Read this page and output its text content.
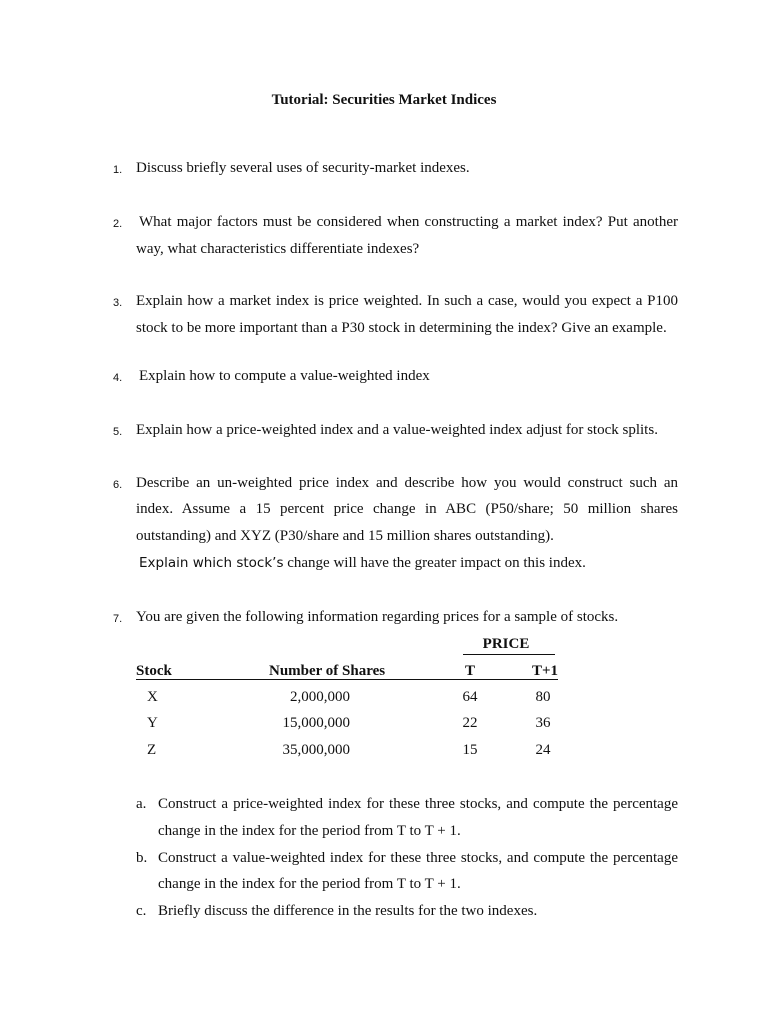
Tutorial: Securities Market Indices
1. Discuss briefly several uses of security-market indexes.
2. What major factors must be considered when constructing a market index? Put another
way, what characteristics differentiate indexes?
3. Explain how a market index is price weighted. In such a case, would you expect a P100
stock to be more important than a P30 stock in determining the index? Give an example.
4. Explain how to compute a value-weighted index
5. Explain how a price-weighted index and a value-weighted index adjust for stock splits.
6. Describe an un-weighted price index and describe how you would construct such an
index. Assume a 15 percent price change in ABC (P50/share; 50 million shares
outstanding) and XYZ (P30/share and 15 million shares outstanding).
Explain which stock’s change will have the greater impact on this index.
7. You are given the following information regarding prices for a sample of stocks.
PRICE
Stock	Number of Shares	T	T+1
X	2,000,000	64	80
Y	15,000,000	22	36
Z	35,000,000	15	24
a. Construct a price-weighted index for these three stocks, and compute the percentage
change in the index for the period from T to T + 1.
b. Construct a value-weighted index for these three stocks, and compute the percentage
change in the index for the period from T to T + 1.
c. Briefly discuss the difference in the results for the two indexes.
